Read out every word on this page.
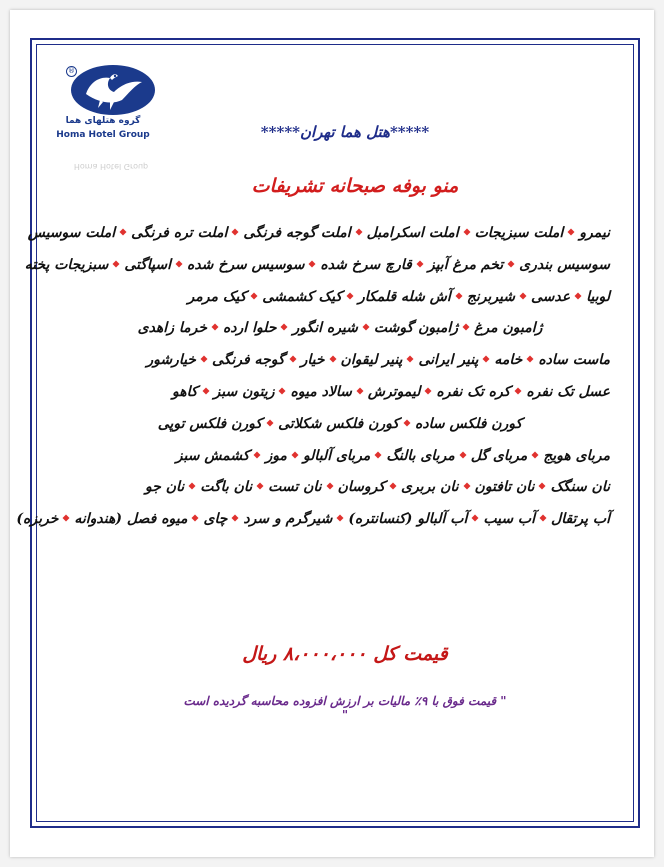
®
گروه هتلهای هما
Homa Hotel Group
Homa Hotel Group
*****هتل هما تهران*****
منو بوفه صبحانه تشریفات
نیمرو
املت سبزیجات
املت اسکرامبل
املت گوجه فرنگی
املت تره فرنگی
املت سوسیس
سوسیس بندری
تخم مرغ آبپز
قارچ سرخ شده
سوسیس سرخ شده
اسپاگتی
سبزیجات پخته
لوبیا
عدسی
شیربرنج
آش شله قلمکار
کیک کشمشی
کیک مرمر
ژامبون مرغ
ژامبون گوشت
شیره انگور
حلوا ارده
خرما زاهدی
ماست ساده
خامه
پنیر ایرانی
پنیر لیقوان
خیار
گوجه فرنگی
خیارشور
عسل تک نفره
کره تک نفره
لیموترش
سالاد میوه
زیتون سبز
کاهو
کورن فلکس ساده
کورن فلکس شکلاتی
کورن فلکس توپی
مربای هویج
مربای گل
مربای بالنگ
مربای آلبالو
موز
کشمش سبز
نان سنگک
نان تافتون
نان بربری
کروسان
نان تست
نان باگت
نان جو
آب پرتقال
آب سیب
آب آلبالو (کنسانتره)
شیرگرم و سرد
چای
میوه فصل (هندوانه
خربزه)
قیمت کل ۸،۰۰۰،۰۰۰ ریال
" قیمت فوق با ۹٪ مالیات بر ارزش افزوده محاسبه گردیده است "
